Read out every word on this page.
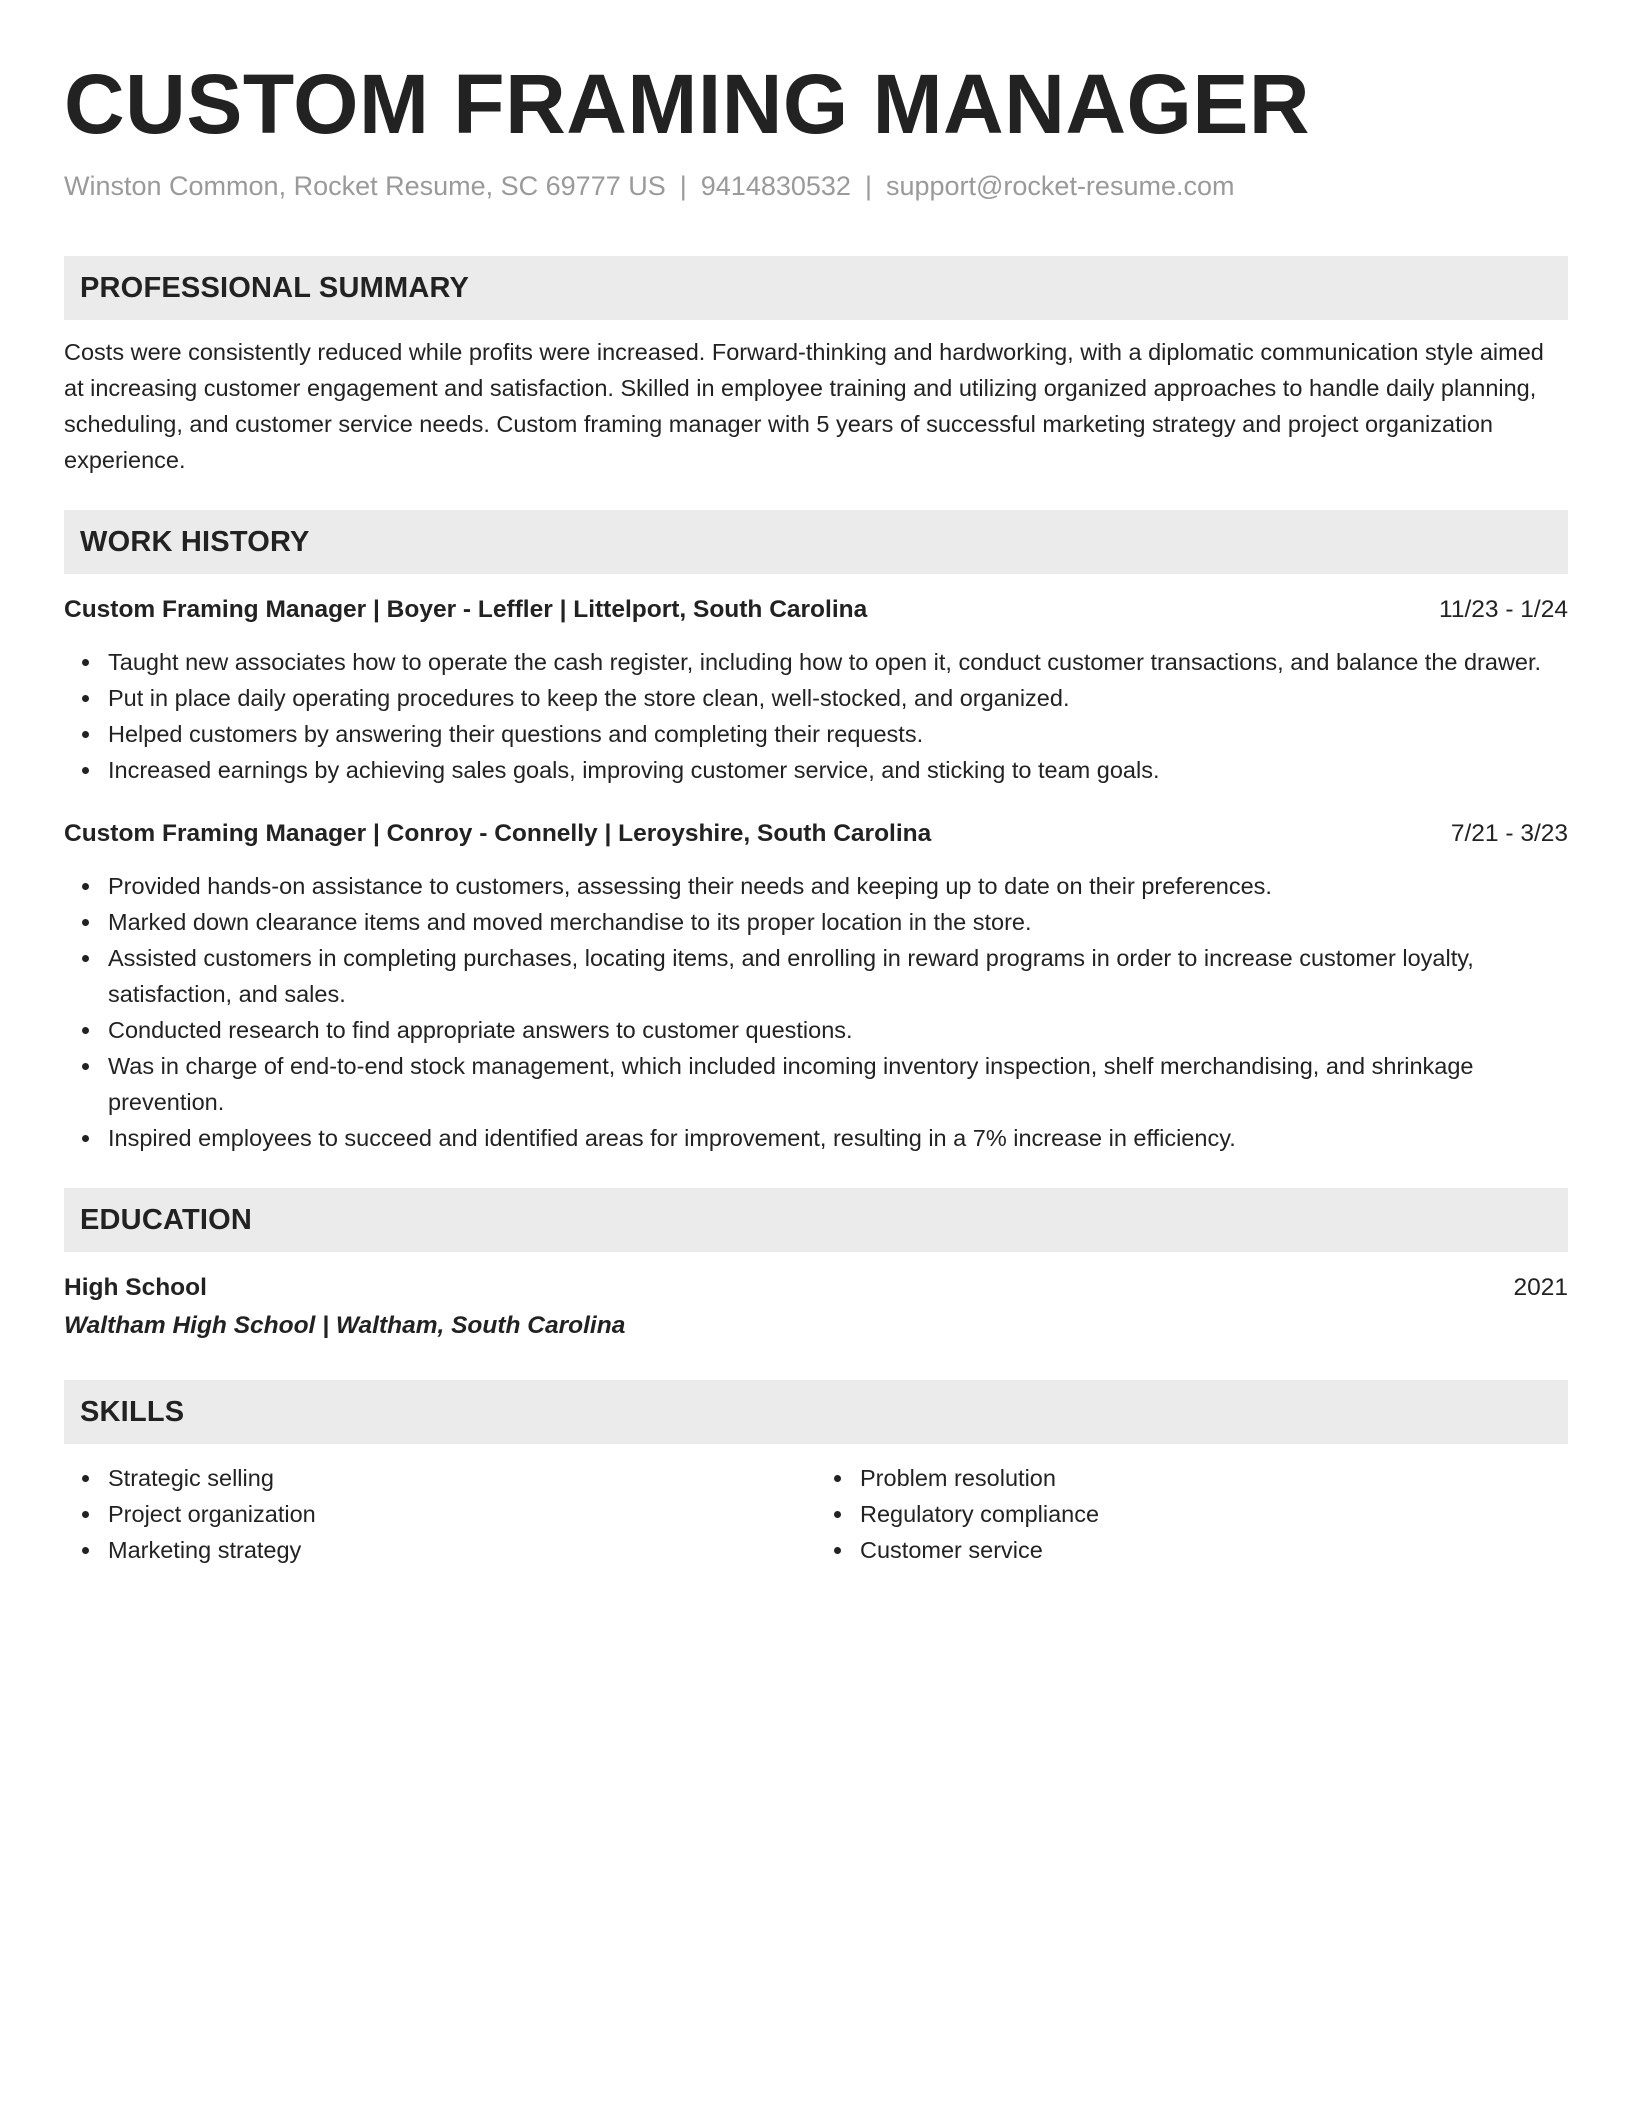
CUSTOM FRAMING MANAGER
Winston Common, Rocket Resume, SC 69777 US | 9414830532 | support@rocket-resume.com
PROFESSIONAL SUMMARY
Costs were consistently reduced while profits were increased. Forward-thinking and hardworking, with a diplomatic communication style aimed at increasing customer engagement and satisfaction. Skilled in employee training and utilizing organized approaches to handle daily planning, scheduling, and customer service needs. Custom framing manager with 5 years of successful marketing strategy and project organization experience.
WORK HISTORY
Custom Framing Manager | Boyer - Leffler | Littelport, South Carolina	11/23 - 1/24
Taught new associates how to operate the cash register, including how to open it, conduct customer transactions, and balance the drawer.
Put in place daily operating procedures to keep the store clean, well-stocked, and organized.
Helped customers by answering their questions and completing their requests.
Increased earnings by achieving sales goals, improving customer service, and sticking to team goals.
Custom Framing Manager | Conroy - Connelly | Leroyshire, South Carolina	7/21 - 3/23
Provided hands-on assistance to customers, assessing their needs and keeping up to date on their preferences.
Marked down clearance items and moved merchandise to its proper location in the store.
Assisted customers in completing purchases, locating items, and enrolling in reward programs in order to increase customer loyalty, satisfaction, and sales.
Conducted research to find appropriate answers to customer questions.
Was in charge of end-to-end stock management, which included incoming inventory inspection, shelf merchandising, and shrinkage prevention.
Inspired employees to succeed and identified areas for improvement, resulting in a 7% increase in efficiency.
EDUCATION
High School	2021
Waltham High School | Waltham, South Carolina
SKILLS
Strategic selling
Project organization
Marketing strategy
Problem resolution
Regulatory compliance
Customer service
